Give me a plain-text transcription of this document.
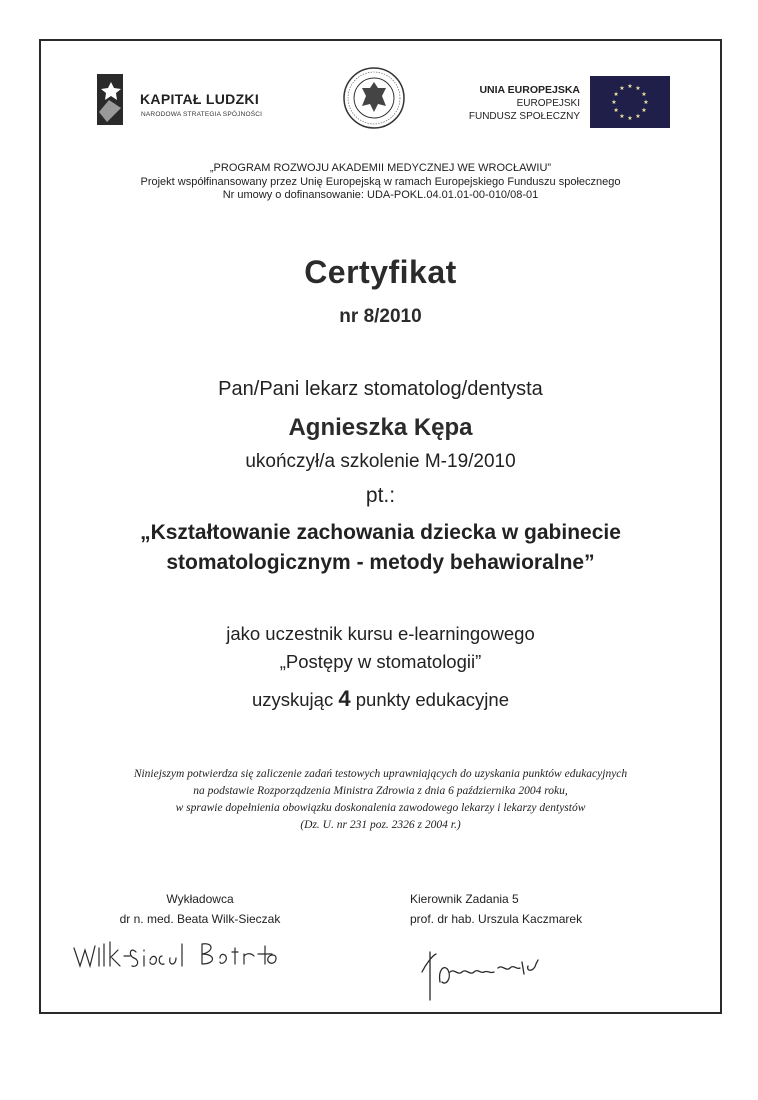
KAPITAŁ LUDZKI
NARODOWA STRATEGIA SPÓJNOŚCI
UNIA EUROPEJSKA
EUROPEJSKI
FUNDUSZ SPOŁECZNY
★
★
★
★
★
★
★
★
★ ★ ★
★
„PROGRAM ROZWOJU AKADEMII MEDYCZNEJ WE WROCŁAWIU”
Projekt współfinansowany przez Unię Europejską w ramach Europejskiego Funduszu społecznego
Nr umowy o dofinansowanie: UDA-POKL.04.01.01-00-010/08-01
Certyfikat
nr 8/2010
Pan/Pani lekarz stomatolog/dentysta
Agnieszka Kępa
ukończył/a szkolenie M-19/2010
pt.:
„Kształtowanie zachowania dziecka w gabinecie
stomatologicznym - metody behawioralne”
jako uczestnik kursu e-learningowego
„Postępy w stomatologii”
uzyskując 4 punkty edukacyjne
Niniejszym potwierdza się zaliczenie zadań testowych uprawniających do uzyskania punktów edukacyjnych
na podstawie Rozporządzenia Ministra Zdrowia z dnia 6 października 2004 roku,
w sprawie dopełnienia obowiązku doskonalenia zawodowego lekarzy i lekarzy dentystów
(Dz. U. nr 231 poz. 2326 z 2004 r.)
Wykładowca
dr n. med. Beata Wilk-Sieczak
Kierownik Zadania 5
prof. dr hab. Urszula Kaczmarek
